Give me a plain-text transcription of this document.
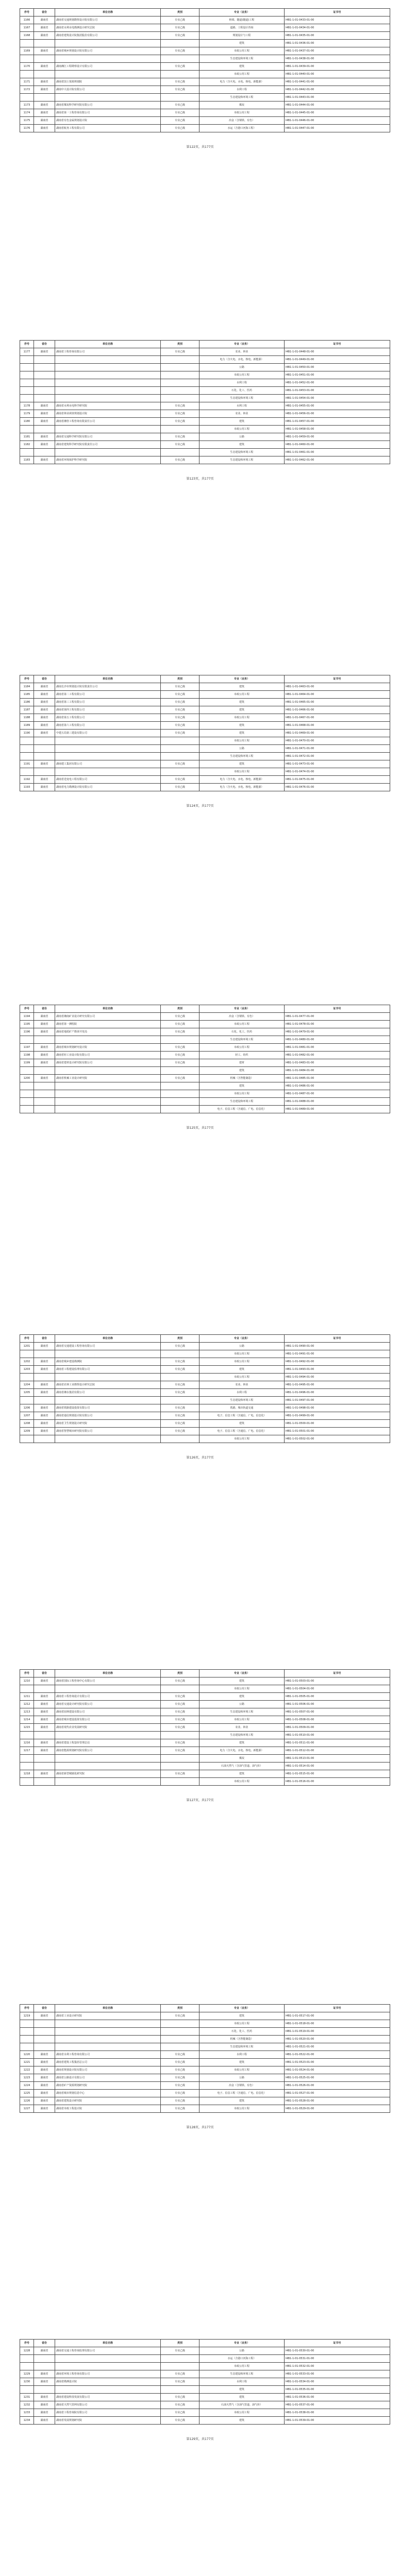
序号	省份	单位名称	类别	专业（业务）	证书号
1166	湖南省	湖南省交通规划勘察设计院有限公司	专业乙级	桥梁、隧道(隧道)工程	I4B1-1-01-0433-01-00
1167	湖南省	湖南省水利水电勘测设计研究总院	专业乙级	道路、工程设计咨询	I4B1-1-01-0434-01-00
1168	湖南省	湖南省建筑设计院集团股份有限公司	专业乙级	规划设计与工程	I4B1-1-01-0435-01-00
				建筑	I4B1-1-01-0436-01-00
1169	湖南省	湖南省城乡规划设计院有限公司	专业乙级	市政公用工程	I4B1-1-01-0437-01-00
				生态建设和环境工程	I4B1-1-01-0438-01-00
1170	湖南省	湖南湘江工程勘察设计有限公司	专业乙级	建筑	I4B1-1-01-0439-01-00
				市政公用工程	I4B1-1-01-0440-01-00
1171	湖南省	湖南省国土资源规划院	专业乙级	电力（含火电、水电、核电、新能源）	I4B1-1-01-0441-01-00
1172	湖南省	湖南中大设计院有限公司	专业乙级	水利工程	I4B1-1-01-0442-01-00
				生态建设和环境工程	I4B1-1-01-0443-01-00
1173	湖南省	湖南省煤炭科学研究院有限公司	专业乙级	煤炭	I4B1-1-01-0444-01-00
1174	湖南省	湖南省第一工程咨询有限公司	专业乙级	市政公用工程	I4B1-1-01-0445-01-00
1175	湖南省	湖南省有色金属规划设计院	专业乙级	冶金（含钢铁、有色）	I4B1-1-01-0446-01-00
1176	湖南省	湖南省航务工程有限公司	专业乙级	水运（含港口河海工程）	I4B1-1-01-0447-01-00
第122页，共177页
序号	省份	单位名称	类别	专业（业务）	证书号
1177	湖南省	湖南省工程咨询有限公司	专业乙级	农业、林业	I4B1-1-01-0448-01-00
				电力（含火电、水电、核电、新能源）	I4B1-1-01-0449-01-00
				公路	I4B1-1-01-0450-01-00
				市政公用工程	I4B1-1-01-0451-01-00
				水利工程	I4B1-1-01-0452-01-00
				石化、化工、医药	I4B1-1-01-0453-01-00
				生态建设和环境工程	I4B1-1-01-0454-01-00
1178	湖南省	湖南省水利水电科学研究院	专业乙级	水利工程	I4B1-1-01-0455-01-00
1179	湖南省	湖南省林业调查规划设计院	专业乙级	农业、林业	I4B1-1-01-0456-01-00
1180	湖南省	湖南省湘咨工程咨询有限责任公司	专业乙级	建筑	I4B1-1-01-0457-01-00
				市政公用工程	I4B1-1-01-0458-01-00
1181	湖南省	湖南省交通科学研究院有限公司	专业乙级	公路	I4B1-1-01-0459-01-00
1182	湖南省	湖南省建筑科学研究院有限责任公司	专业乙级	建筑	I4B1-1-01-0460-01-00
				生态建设和环境工程	I4B1-1-01-0461-01-00
1183	湖南省	湖南省环境保护科学研究院	专业乙级	生态建设和环境工程	I4B1-1-01-0462-01-00
第123页，共177页
序号	省份	单位名称	类别	专业（业务）	证书号
1184	湖南省	湖南长沙市规划设计院有限责任公司	专业乙级	建筑	I4B1-1-01-0463-01-00
1185	湖南省	湖南省第二工程有限公司	专业乙级	市政公用工程	I4B1-1-01-0464-01-00
1186	湖南省	湖南省第三工程有限公司	专业乙级	建筑	I4B1-1-01-0465-01-00
1187	湖南省	湖南省第四工程有限公司	专业乙级	建筑	I4B1-1-01-0466-01-00
1188	湖南省	湖南省第五工程有限公司	专业乙级	市政公用工程	I4B1-1-01-0467-01-00
1189	湖南省	湖南省第六工程有限公司	专业乙级	建筑	I4B1-1-01-0468-01-00
1190	湖南省	中建五局第三建设有限公司	专业乙级	建筑	I4B1-1-01-0469-01-00
				市政公用工程	I4B1-1-01-0470-01-00
				公路	I4B1-1-01-0471-01-00
				生态建设和环境工程	I4B1-1-01-0472-01-00
1191	湖南省	湖南建工集团有限公司	专业乙级	建筑	I4B1-1-01-0473-01-00
				市政公用工程	I4B1-1-01-0474-01-00
1192	湖南省	湖南省送变电工程有限公司	专业乙级	电力（含火电、水电、核电、新能源）	I4B1-1-01-0475-01-00
1193	湖南省	湖南省电力勘测设计院有限公司	专业乙级	电力（含火电、水电、核电、新能源）	I4B1-1-01-0476-01-00
第124页，共177页
序号	省份	单位名称	类别	专业（业务）	证书号
1194	湖南省	湖南省湘南矿业设计研究有限公司	专业乙级	冶金（含钢铁、有色）	I4B1-1-01-0477-01-00
1195	湖南省	湖南省第一测绘院	专业乙级	市政公用工程	I4B1-1-01-0478-01-00
1196	湖南省	湖南省地质矿产勘查开发局	专业乙级	石化、化工、医药	I4B1-1-01-0479-01-00
				生态建设和环境工程	I4B1-1-01-0480-01-00
1197	湖南省	湖南省城市规划研究设计院	专业乙级	市政公用工程	I4B1-1-01-0481-01-00
1198	湖南省	湖南省轻工业设计院有限公司	专业乙级	轻工、纺织	I4B1-1-01-0482-01-00
1199	湖南省	湖南省建材设计研究院有限公司	专业乙级	建材	I4B1-1-01-0483-01-00
				建筑	I4B1-1-01-0484-01-00
1200	湖南省	湖南省机械工业设计研究院	专业乙级	机械（含智能制造）	I4B1-1-01-0485-01-00
				建筑	I4B1-1-01-0486-01-00
				市政公用工程	I4B1-1-01-0487-01-00
				生态建设和环境工程	I4B1-1-01-0488-01-00
				电子、信息工程（含通信、广电、信息化）	I4B1-1-01-0489-01-00
第125页，共177页
序号	省份	单位名称	类别	专业（业务）	证书号
1201	湖南省	湖南省交通建设工程咨询有限公司	专业乙级	公路	I4B1-1-01-0490-01-00
				市政公用工程	I4B1-1-01-0491-01-00
1202	湖南省	湖南省城乡建设勘测院	专业乙级	市政公用工程	I4B1-1-01-0492-01-00
1203	湖南省	湖南省工程建设监理有限公司	专业乙级	建筑	I4B1-1-01-0493-01-00
				市政公用工程	I4B1-1-01-0494-01-00
1204	湖南省	湖南省农林工业勘察设计研究总院	专业乙级	农业、林业	I4B1-1-01-0495-01-00
1205	湖南省	湖南省湘水集团有限公司	专业乙级	水利工程	I4B1-1-01-0496-01-00
				生态建设和环境工程	I4B1-1-01-0497-01-00
1206	湖南省	湖南省铁路建设投资有限公司	专业乙级	铁路、城市轨道交通	I4B1-1-01-0498-01-00
1207	湖南省	湖南省通信规划设计院有限公司	专业乙级	电子、信息工程（含通信、广电、信息化）	I4B1-1-01-0499-01-00
1208	湖南省	湖南省卫生规划设计研究院	专业乙级	建筑	I4B1-1-01-0500-01-00
1209	湖南省	湖南省智慧城市研究院有限公司	专业乙级	电子、信息工程（含通信、广电、信息化）	I4B1-1-01-0501-01-00
				市政公用工程	I4B1-1-01-0502-01-00
第126页，共177页
序号	省份	单位名称	类别	专业（业务）	证书号
1210	湖南省	湖南省国际工程咨询中心有限公司	专业乙级	建筑	I4B1-1-01-0503-01-00
				市政公用工程	I4B1-1-01-0504-01-00
1211	湖南省	湖南省工程咨询设计有限公司	专业乙级	建筑	I4B1-1-01-0505-01-00
1212	湖南省	湖南省交通设计研究院有限公司	专业乙级	公路	I4B1-1-01-0506-01-00
1213	湖南省	湖南省园林建设有限公司	专业乙级	生态建设和环境工程	I4B1-1-01-0507-01-00
1214	湖南省	湖南省城市建设投资有限公司	专业乙级	市政公用工程	I4B1-1-01-0508-01-00
1215	湖南省	湖南省现代农业发展研究院	专业乙级	农业、林业	I4B1-1-01-0509-01-00
				生态建设和环境工程	I4B1-1-01-0510-01-00
1216	湖南省	湖南省建设工程造价管理总站	专业乙级	建筑	I4B1-1-01-0511-01-00
1217	湖南省	湖南省能源规划研究院有限公司	专业乙级	电力（含火电、水电、核电、新能源）	I4B1-1-01-0512-01-00
				煤炭	I4B1-1-01-0513-01-00
				石油天然气（含油气管道、油气库）	I4B1-1-01-0514-01-00
1218	湖南省	湖南省新型城镇化研究院	专业乙级	建筑	I4B1-1-01-0515-01-00
				市政公用工程	I4B1-1-01-0516-01-00
第127页，共177页
序号	省份	单位名称	类别	专业（业务）	证书号
1219	湖南省	湖南省工业设计研究院	专业乙级	建筑	I4B1-1-01-0517-01-00
				市政公用工程	I4B1-1-01-0518-01-00
				石化、化工、医药	I4B1-1-01-0519-01-00
				机械（含智能制造）	I4B1-1-01-0520-01-00
				生态建设和环境工程	I4B1-1-01-0521-01-00
1220	湖南省	湖南省水利工程咨询有限公司	专业乙级	水利工程	I4B1-1-01-0522-01-00
1221	湖南省	湖南省建筑工程集团总公司	专业乙级	建筑	I4B1-1-01-0523-01-00
1222	湖南省	湖南省规划设计院有限公司	专业乙级	市政公用工程	I4B1-1-01-0524-01-00
1223	湖南省	湖南省公路设计有限公司	专业乙级	公路	I4B1-1-01-0525-01-00
1224	湖南省	湖南省矿产资源规划研究院	专业乙级	冶金（含钢铁、有色）	I4B1-1-01-0526-01-00
1225	湖南省	湖南省城市规划信息中心	专业乙级	电子、信息工程（含通信、广电、信息化）	I4B1-1-01-0527-01-00
1226	湖南省	湖南省建筑设计研究院	专业乙级	建筑	I4B1-1-01-0528-01-00
1227	湖南省	湖南省市政工程设计院	专业乙级	市政公用工程	I4B1-1-01-0529-01-00
第128页，共177页
序号	省份	单位名称	类别	专业（业务）	证书号
1228	湖南省	湖南省交通工程咨询监理有限公司	专业乙级	公路	I4B1-1-01-0530-01-00
				水运（含港口河海工程）	I4B1-1-01-0531-01-00
				市政公用工程	I4B1-1-01-0532-01-00
1229	湖南省	湖南省环境工程咨询有限公司	专业乙级	生态建设和环境工程	I4B1-1-01-0533-01-00
1230	湖南省	湖南省勘测设计院	专业乙级	水利工程	I4B1-1-01-0534-01-00
				建筑	I4B1-1-01-0535-01-00
1231	湖南省	湖南省建设科技发展有限公司	专业乙级	建筑	I4B1-1-01-0536-01-00
1232	湖南省	湖南省天然气管网有限公司	专业乙级	石油天然气（含油气管道、油气库）	I4B1-1-01-0537-01-00
1233	湖南省	湖南省工程咨询院有限公司	专业乙级	市政公用工程	I4B1-1-01-0538-01-00
1234	湖南省	湖南省发展规划研究院	专业乙级	建筑	I4B1-1-01-0539-01-00
第129页，共177页
